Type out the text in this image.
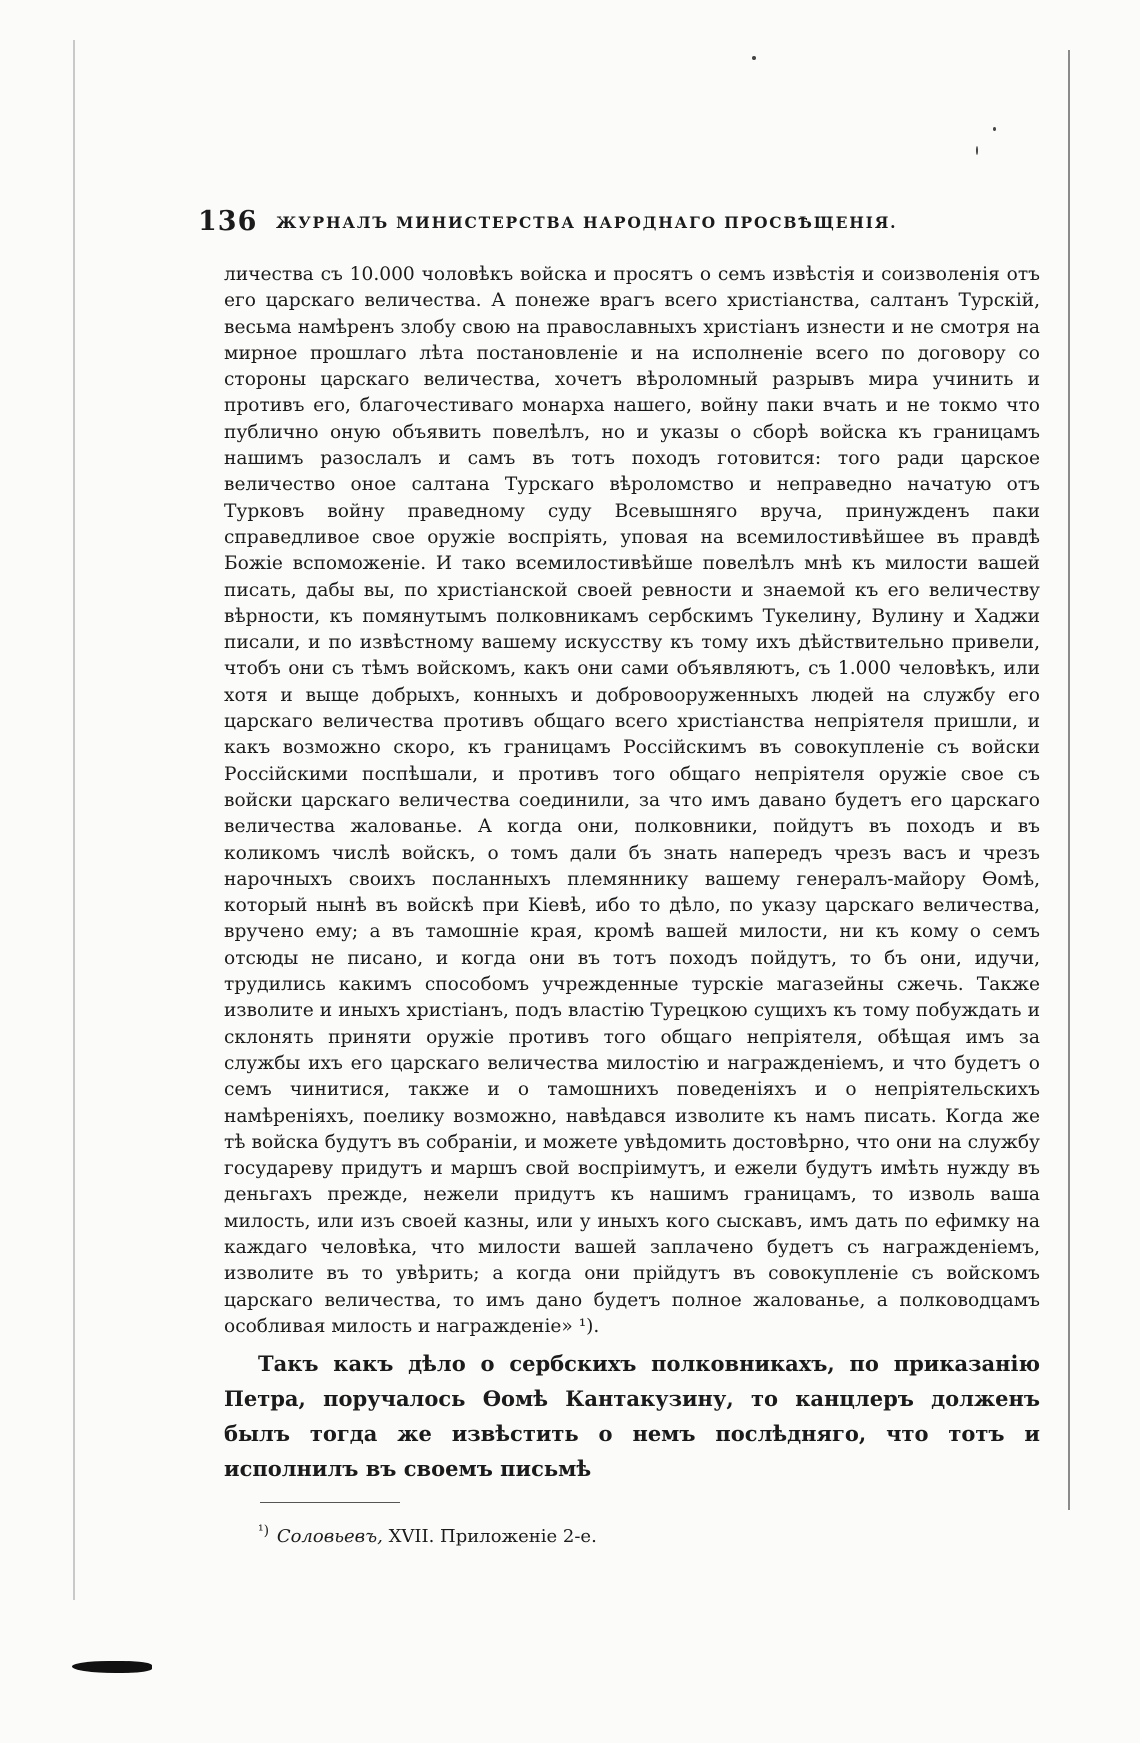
136 ЖУРНАЛЪ МИНИСТЕРСТВА НАРОДНАГО ПРОСВѢЩЕНІЯ.

личества съ 10.000 чоловѣкъ войска и просятъ о семъ извѣстія и соизволенія отъ его царскаго величества. А понеже врагъ всего христіанства, салтанъ Турскій, весьма намѣренъ злобу свою на православныхъ христіанъ изнести и не смотря на мирное прошлаго лѣта постановленіе и на исполненіе всего по договору со стороны царскаго величества, хочетъ вѣроломный разрывъ мира учинить и противъ его, благочестиваго монарха нашего, войну паки вчать и не токмо что публично оную объявить повелѣлъ, но и указы о сборѣ войска къ границамъ нашимъ разослалъ и самъ въ тотъ походъ готовится: того ради царское величество оное салтана Турскаго вѣроломство и неправедно начатую отъ Турковъ войну праведному суду Всевышняго вруча, принужденъ паки справедливое свое оружіе воспріять, уповая на всемилостивѣйшее въ правдѣ Божіе вспоможеніе. И тако всемилостивѣйше повелѣлъ мнѣ къ милости вашей писать, дабы вы, по христіанской своей ревности и знаемой къ его величеству вѣрности, къ помянутымъ полковникамъ сербскимъ Тукелину, Вулину и Хаджи писали, и по извѣстному вашему искусству къ тому ихъ дѣйствительно привели, чтобъ они съ тѣмъ войскомъ, какъ они сами объявляютъ, съ 1.000 человѣкъ, или хотя и выще добрыхъ, конныхъ и добровооруженныхъ людей на службу его царскаго величества противъ общаго всего христіанства непріятеля пришли, и какъ возможно скоро, къ границамъ Россійскимъ въ совокупленіе съ войски Россійскими поспѣшали, и противъ того общаго непріятеля оружіе свое съ войски царскаго величества соединили, за что имъ давано будетъ его царскаго величества жалованье. А когда они, полковники, пойдутъ въ походъ и въ коликомъ числѣ войскъ, о томъ дали бъ знать напередъ чрезъ васъ и чрезъ нарочныхъ своихъ посланныхъ племяннику вашему генералъ-майору Ѳомѣ, который нынѣ въ войскѣ при Кіевѣ, ибо то дѣло, по указу царскаго величества, вручено ему; а въ тамошніе края, кромѣ вашей милости, ни къ кому о семъ отсюды не писано, и когда они въ тотъ походъ пойдутъ, то бъ они, идучи, трудились какимъ способомъ учрежденные турскіе магазейны сжечь. Также изволите и иныхъ христіанъ, подъ властію Турецкою сущихъ къ тому побуждать и склонять приняти оружіе противъ того общаго непріятеля, обѣщая имъ за службы ихъ его царскаго величества милостію и награжденіемъ, и что будетъ о семъ чинитися, также и о тамошнихъ поведеніяхъ и о непріятельскихъ намѣреніяхъ, поелику возможно, навѣдався изволите къ намъ писать. Когда же тѣ войска будутъ въ собраніи, и можете увѣдомить достовѣрно, что они на службу государеву придутъ и маршъ свой воспріимутъ, и ежели будутъ имѣть нужду въ деньгахъ прежде, нежели придутъ къ нашимъ границамъ, то изволь ваша милость, или изъ своей казны, или у иныхъ кого сыскавъ, имъ дать по ефимку на каждаго человѣка, что милости вашей заплачено будетъ съ награжденіемъ, изволите въ то увѣрить; а когда они прійдутъ въ совокупленіе съ войскомъ царскаго величества, то имъ дано будетъ полное жалованье, а полководцамъ особливая милость и награжденіе» ¹).

Такъ какъ дѣло о сербскихъ полковникахъ, по приказанію Петра, поручалось Ѳомѣ Кантакузину, то канцлеръ долженъ былъ тогда же извѣстить о немъ послѣдняго, что тотъ и исполнилъ въ своемъ письмѣ

$^{^1)}$ Соловьевъ, XVII. Приложеніе 2-е.
